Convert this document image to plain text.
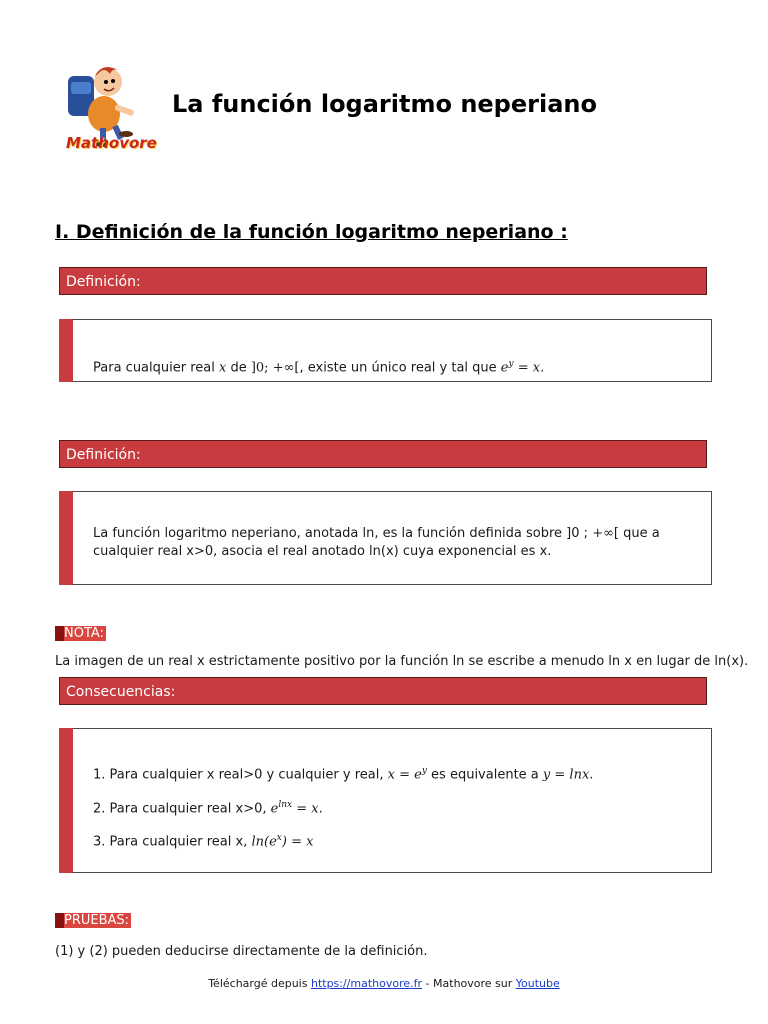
Mathovore
La función logaritmo neperiano
I. Definición de la función logaritmo neperiano :
Definición:
Para cualquier real x de ]0; +∞[, existe un único real y tal que $e^y = x$.
Definición:
La función logaritmo neperiano, anotada ln, es la función definida sobre ]0 ; +∞[ que a cualquier real x>0, asocia el real anotado ln(x) cuya exponencial es x.
NOTA:
La imagen de un real x estrictamente positivo por la función ln se escribe a menudo ln x en lugar de ln(x).
Consecuencias:
1. Para cualquier x real>0 y cualquier y real, $x = e^y$ es equivalente a y = lnx.
2. Para cualquier real x>0, $e^{lnx} = x$.
3. Para cualquier real x, $\ln(e^x) = x$
PRUEBAS:
(1) y (2) pueden deducirse directamente de la definición.
Téléchargé depuis https://mathovore.fr - Mathovore sur Youtube
